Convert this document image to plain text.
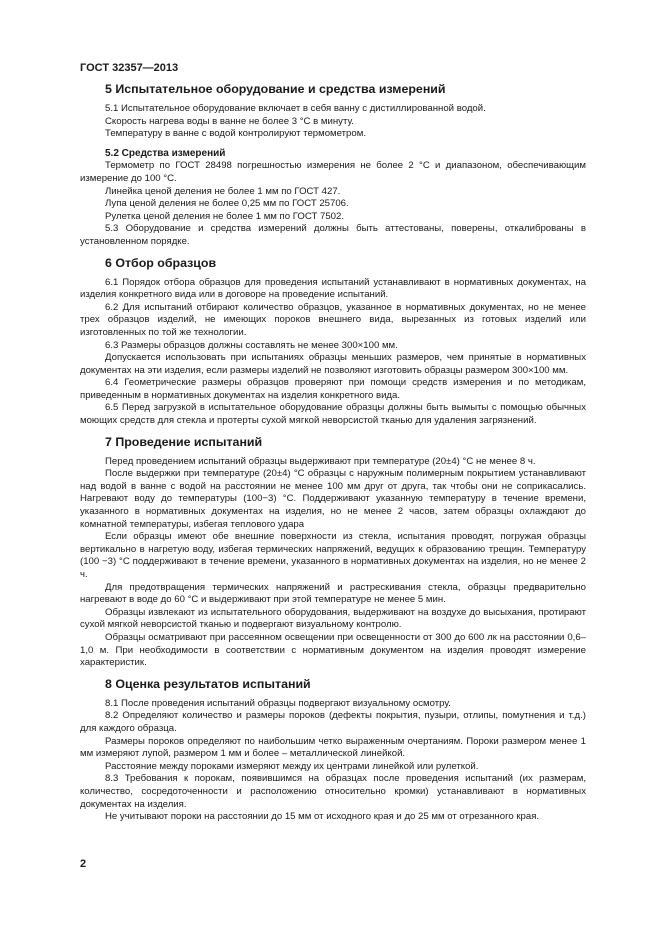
ГОСТ 32357—2013
5 Испытательное оборудование и средства измерений

5.1 Испытательное оборудование включает в себя ванну с дистиллированной водой.

Скорость нагрева воды в ванне не более 3 °С в минуту.

Температуру в ванне с водой контролируют термометром.

5.2 Средства измерений

Термометр по ГОСТ 28498 погрешностью измерения не более 2 °С и диапазоном, обеспечивающим измерение до 100 °С.

Линейка ценой деления не более 1 мм по ГОСТ 427.

Лупа ценой деления не более 0,25 мм по ГОСТ 25706.

Рулетка ценой деления не более 1 мм по ГОСТ 7502.

5.3 Оборудование и средства измерений должны быть аттестованы, поверены, откалиброваны в установленном порядке.

6 Отбор образцов

6.1 Порядок отбора образцов для проведения испытаний устанавливают в нормативных документах, на изделия конкретного вида или в договоре на проведение испытаний.

6.2 Для испытаний отбирают количество образцов, указанное в нормативных документах, но не менее трех образцов изделий, не имеющих пороков внешнего вида, вырезанных из готовых изделий или изготовленных по той же технологии.

6.3 Размеры образцов должны составлять не менее 300×100 мм.

Допускается использовать при испытаниях образцы меньших размеров, чем принятые в нормативных документах на эти изделия, если размеры изделий не позволяют изготовить образцы размером 300×100 мм.

6.4 Геометрические размеры образцов проверяют при помощи средств измерения и по методикам, приведенным в нормативных документах на изделия конкретного вида.

6.5 Перед загрузкой в испытательное оборудование образцы должны быть вымыты с помощью обычных моющих средств для стекла и протерты сухой мягкой неворсистой тканью для удаления загрязнений.

7 Проведение испытаний

Перед проведением испытаний образцы выдерживают при температуре (20±4) °С не менее 8 ч.

После выдержки при температуре (20±4) °С образцы с наружным полимерным покрытием устанавливают над водой в ванне с водой на расстоянии не менее 100 мм друг от друга, так чтобы они не соприкасались. Нагревают воду до температуры (100−3) °С. Поддерживают указанную температуру в течение времени, указанного в нормативных документах на изделия, но не менее 2 часов, затем образцы охлаждают до комнатной температуры, избегая теплового удара

Если образцы имеют обе внешние поверхности из стекла, испытания проводят, погружая образцы вертикально в нагретую воду, избегая термических напряжений, ведущих к образованию трещин. Температуру (100 −3) °С поддерживают в течение времени, указанного в нормативных документах на изделия, но не менее 2 ч.

Для предотвращения термических напряжений и растрескивания стекла, образцы предварительно нагревают в воде до 60 °С и выдерживают при этой температуре не менее 5 мин.

Образцы извлекают из испытательного оборудования, выдерживают на воздухе до высыхания, протирают сухой мягкой неворсистой тканью и подвергают визуальному контролю.

Образцы осматривают при рассеянном освещении при освещенности от 300 до 600 лк на расстоянии 0,6–1,0 м. При необходимости в соответствии с нормативным документом на изделия проводят измерение характеристик.

8 Оценка результатов испытаний

8.1 После проведения испытаний образцы подвергают визуальному осмотру.

8.2 Определяют количество и размеры пороков (дефекты покрытия, пузыри, отлипы, помутнения и т.д.) для каждого образца.

Размеры пороков определяют по наибольшим четко выраженным очертаниям. Пороки размером менее 1 мм измеряют лупой, размером 1 мм и более – металлической линейкой.

Расстояние между пороками измеряют между их центрами линейкой или рулеткой.

8.3 Требования к порокам, появившимся на образцах после проведения испытаний (их размерам, количество, сосредоточенности и расположению относительно кромки) устанавливают в нормативных документах на изделия.

Не учитывают пороки на расстоянии до 15 мм от исходного края и до 25 мм от отрезанного края.

2
